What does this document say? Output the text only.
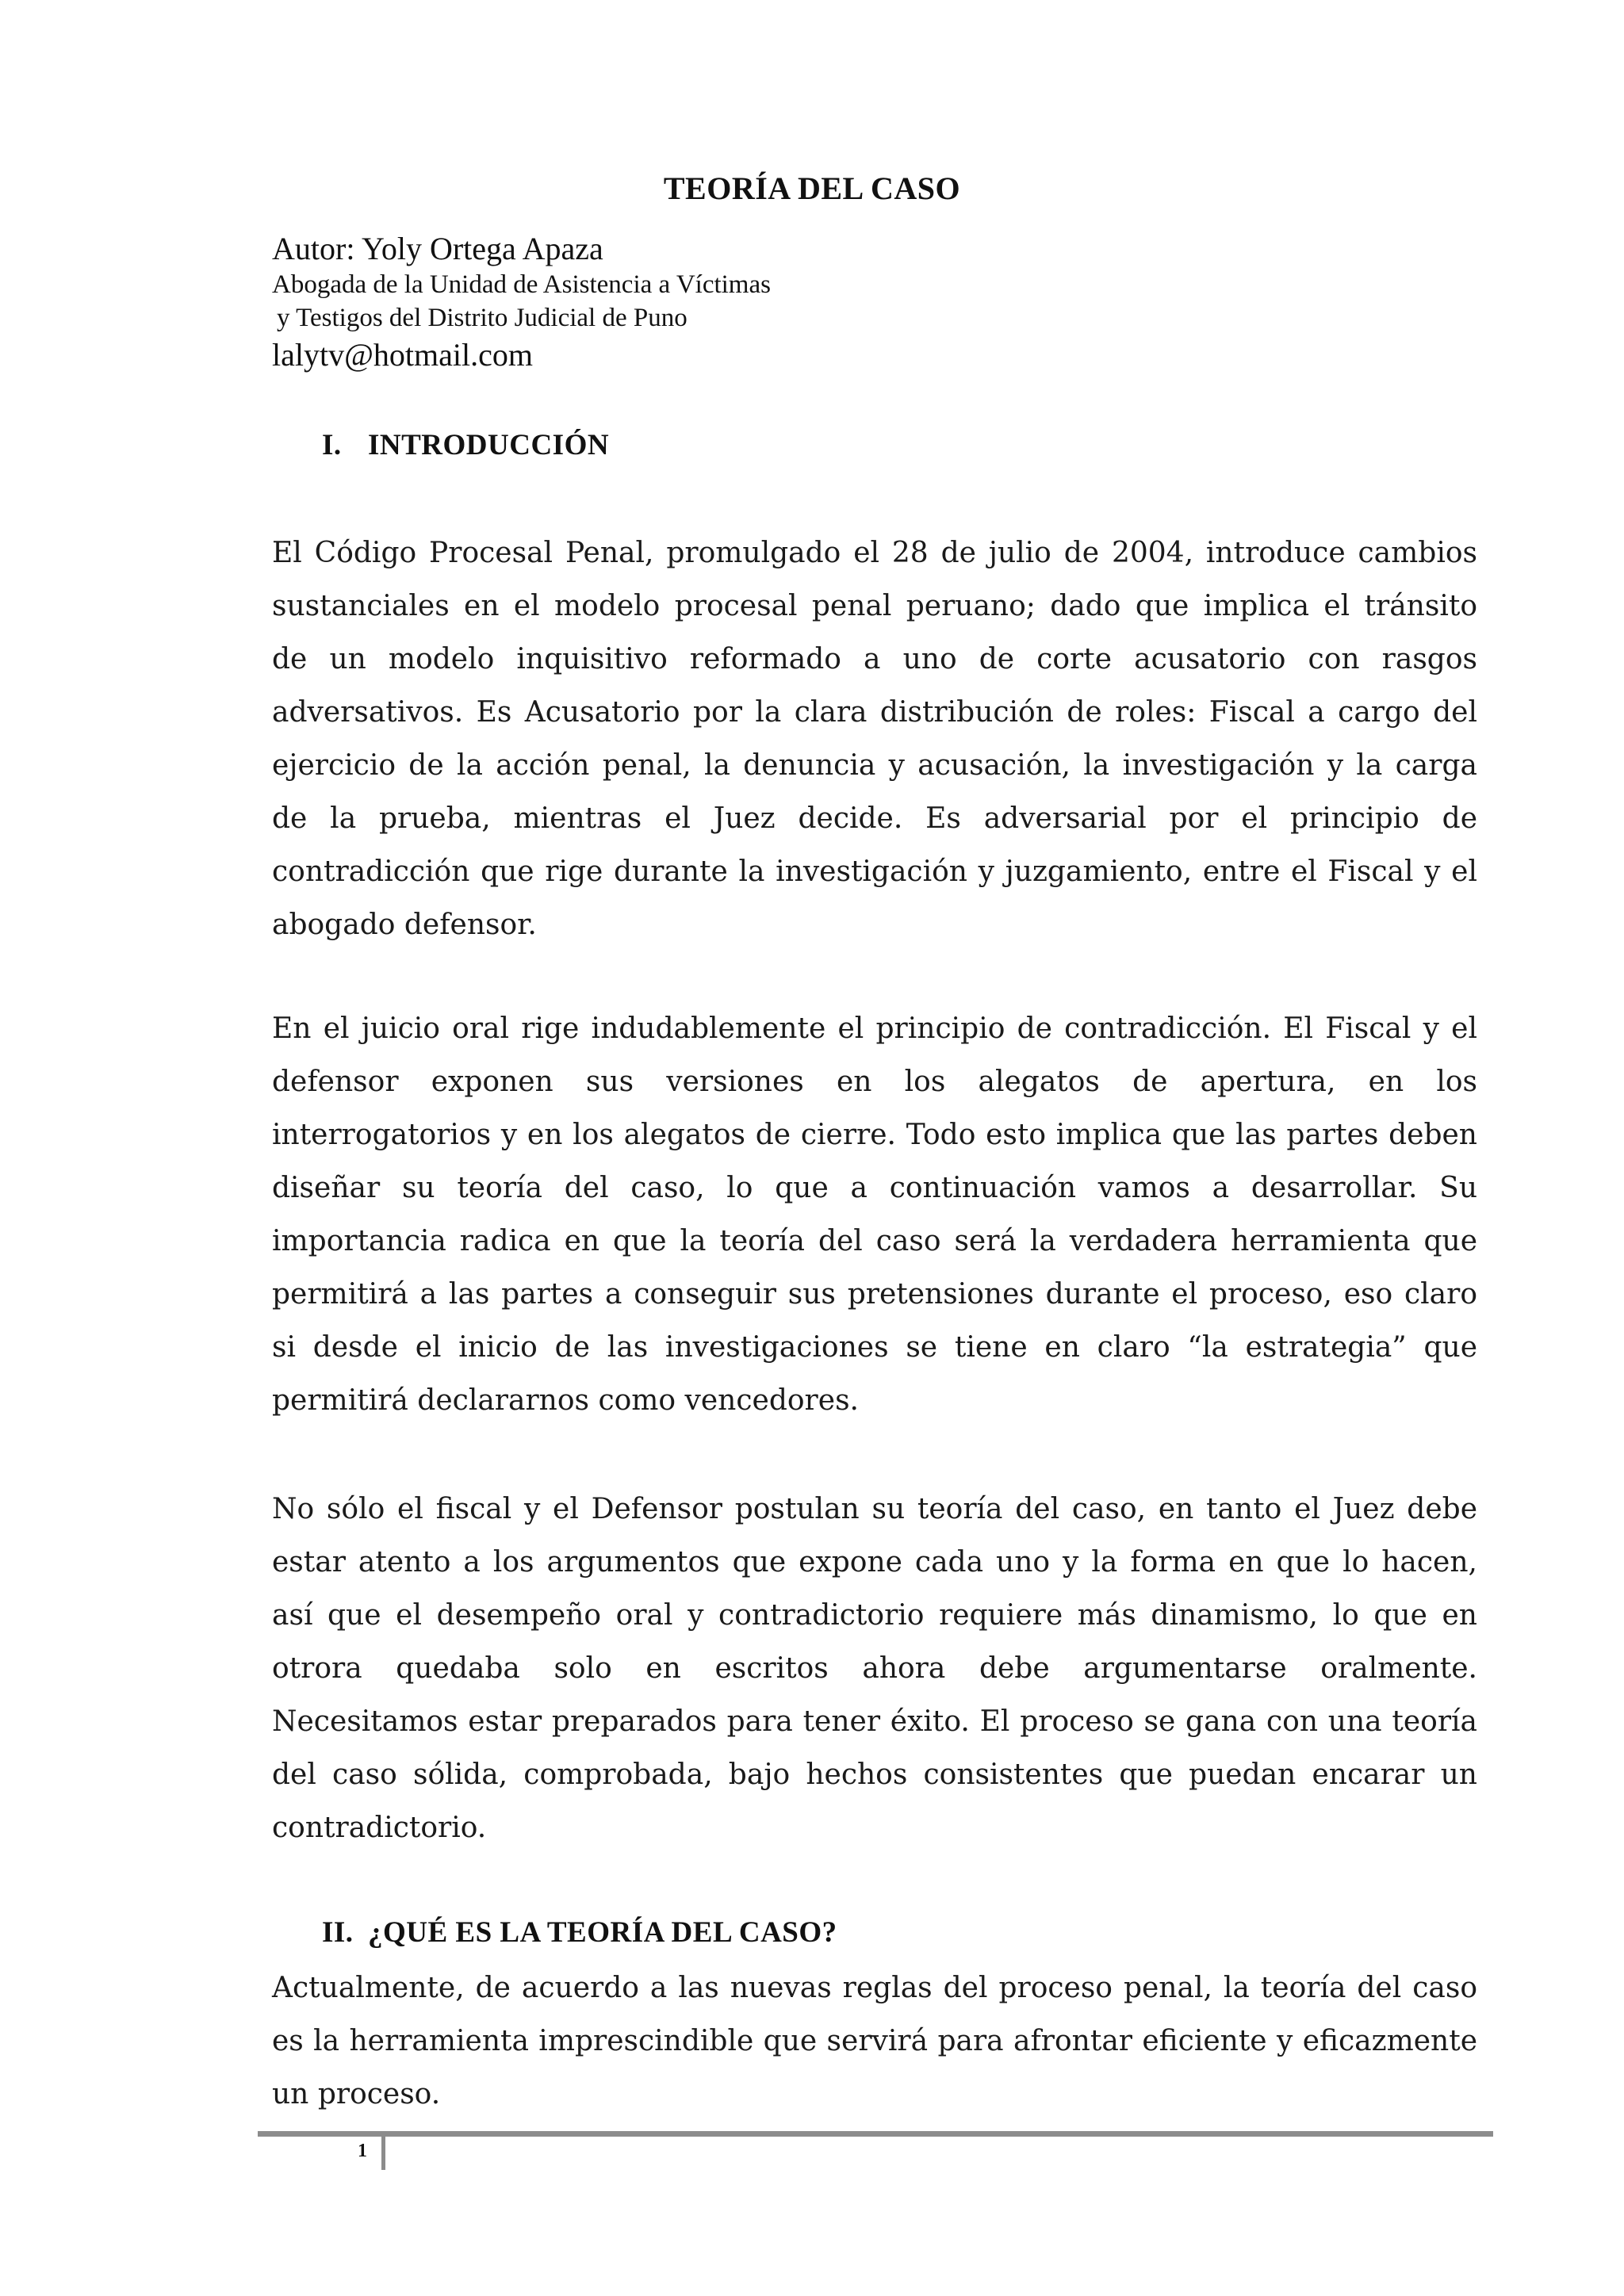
TEORÍA DEL CASO
Autor: Yoly Ortega Apaza
Abogada de la Unidad de Asistencia a Víctimas
y Testigos del Distrito Judicial de Puno
lalytv@hotmail.com
I. INTRODUCCIÓN
El Código Procesal Penal, promulgado el 28 de julio de 2004, introduce cambios
sustanciales en el modelo procesal penal peruano; dado que implica el tránsito
de un modelo inquisitivo reformado a uno de corte acusatorio con rasgos
adversativos. Es Acusatorio por la clara distribución de roles: Fiscal a cargo del
ejercicio de la acción penal, la denuncia y acusación, la investigación y la carga
de la prueba, mientras el Juez decide. Es adversarial por el principio de
contradicción que rige durante la investigación y juzgamiento, entre el Fiscal y el
abogado defensor.
En el juicio oral rige indudablemente el principio de contradicción. El Fiscal y el
defensor exponen sus versiones en los alegatos de apertura, en los
interrogatorios y en los alegatos de cierre. Todo esto implica que las partes deben
diseñar su teoría del caso, lo que a continuación vamos a desarrollar. Su
importancia radica en que la teoría del caso será la verdadera herramienta que
permitirá a las partes a conseguir sus pretensiones durante el proceso, eso claro
si desde el inicio de las investigaciones se tiene en claro “la estrategia” que
permitirá declararnos como vencedores.
No sólo el fiscal y el Defensor postulan su teoría del caso, en tanto el Juez debe
estar atento a los argumentos que expone cada uno y la forma en que lo hacen,
así que el desempeño oral y contradictorio requiere más dinamismo, lo que en
otrora quedaba solo en escritos ahora debe argumentarse oralmente.
Necesitamos estar preparados para tener éxito. El proceso se gana con una teoría
del caso sólida, comprobada, bajo hechos consistentes que puedan encarar un
contradictorio.
II. ¿QUÉ ES LA TEORÍA DEL CASO?
Actualmente, de acuerdo a las nuevas reglas del proceso penal, la teoría del caso
es la herramienta imprescindible que servirá para afrontar eficiente y eficazmente
un proceso.
1
